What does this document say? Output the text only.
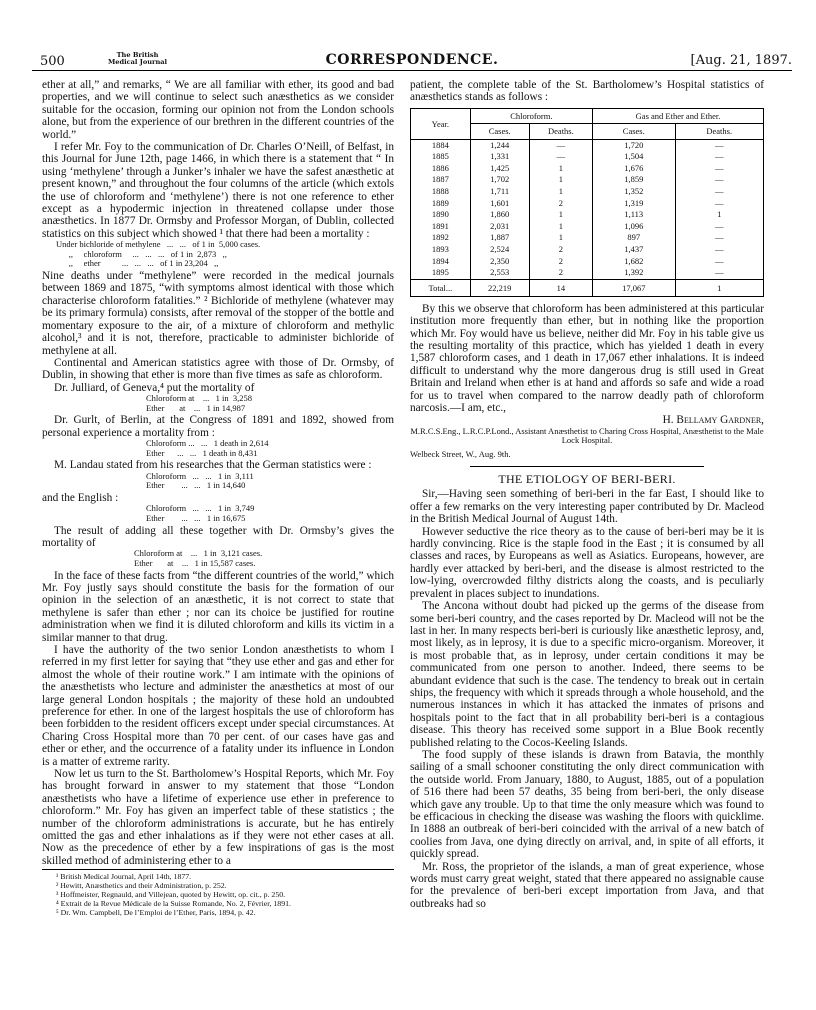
500	The British
Medical Journal	CORRESPONDENCE.	[Aug. 21, 1897.

ether at all,” and remarks, “ We are all familiar with ether, its good and bad properties, and we will continue to select such anæsthetics as we consider suitable for the occasion, forming our opinion not from the London schools alone, but from the experience of our brethren in the different countries of the world.”

I refer Mr. Foy to the communication of Dr. Charles O’Neill, of Belfast, in this Journal for June 12th, page 1466, in which there is a statement that “ In using ‘methylene’ through a Junker’s inhaler we have the safest anæsthetic at present known,” and throughout the four columns of the article (which extols the use of chloroform and ‘methylene’) there is not one reference to ether except as a hypodermic injection in threatened collapse under those anæsthetics. In 1877 Dr. Ormsby and Professor Morgan, of Dublin, collected statistics on this subject which showed ¹ that there had been a mortality :

Under bichloride of methylene   ...   ...   of 1 in  5,000 cases.
,,     chloroform     ...   ...   ...   of 1 in  2,873   ,,
,,     ether          ...   ...   ...   of 1 in 23,204   ,,

Nine deaths under “methylene” were recorded in the medical journals between 1869 and 1875, “with symptoms almost identical with those which characterise chloroform fatalities.” ² Bichloride of methylene (whatever may be its primary formula) consists, after removal of the stopper of the bottle and momentary exposure to the air, of a mixture of chloroform and methylic alcohol,³ and it is not, therefore, practicable to administer bichloride of methylene at all.

Continental and American statistics agree with those of Dr. Ormsby, of Dublin, in showing that ether is more than five times as safe as chloroform.

Dr. Julliard, of Geneva,⁴ put the mortality of

Chloroform at    ...   1 in  3,258
Ether       at    ...   1 in 14,987

Dr. Gurlt, of Berlin, at the Congress of 1891 and 1892, showed from personal experience a mortality from :

Chloroform ...   ...   1 death in 2,614
Ether      ...   ...   1 death in 8,431

M. Landau stated from his researches that the German statistics were :

Chloroform   ...   ...   1 in  3,111
Ether        ...   ...   1 in 14,640

and the English :

Chloroform   ...   ...   1 in  3,749
Ether        ...   ...   1 in 16,675

The result of adding all these together with Dr. Ormsby’s gives the mortality of

Chloroform at    ...   1 in  3,121 cases.
Ether       at    ...   1 in 15,587 cases.

In the face of these facts from “the different countries of the world,” which Mr. Foy justly says should constitute the basis for the formation of our opinion in the selection of an anæsthetic, it is not correct to state that methylene is safer than ether ; nor can its choice be justified for routine administration when we find it is diluted chloroform and kills its victim in a similar manner to that drug.

I have the authority of the two senior London anæsthetists to whom I referred in my first letter for saying that “they use ether and gas and ether for almost the whole of their routine work.” I am intimate with the opinions of the anæsthetists who lecture and administer the anæsthetics at most of our large general London hospitals ; the majority of these hold an undoubted preference for ether. In one of the largest hospitals the use of chloroform has been forbidden to the resident officers except under special circumstances. At Charing Cross Hospital more than 70 per cent. of our cases have gas and ether or ether, and the occurrence of a fatality under its influence in London is a matter of extreme rarity.

Now let us turn to the St. Bartholomew’s Hospital Reports, which Mr. Foy has brought forward in answer to my statement that those “London anæsthetists who have a lifetime of experience use ether in preference to chloroform.” Mr. Foy has given an imperfect table of these statistics ; the number of the chloroform administrations is accurate, but he has entirely omitted the gas and ether inhalations as if they were not ether cases at all. Now as the precedence of ether by a few inspirations of gas is the most skilled method of administering ether to a

¹ British Medical Journal, April 14th, 1877.
² Hewitt, Anæsthetics and their Administration, p. 252.
³ Hoffmeister, Regnauld, and Villejean, quoted by Hewitt, op. cit., p. 250.
⁴ Extrait de la Revue Médicale de la Suisse Romande, No. 2, Février, 1891.
⁵ Dr. Wm. Campbell, De l’Emploi de l’Ether, Paris, 1894, p. 42.

patient, the complete table of the St. Bartholomew’s Hospital statistics of anæsthetics stands as follows :

Year.	Chloroform.		Gas and Ether and Ether.	
	Cases.	Deaths.	Cases.	Deaths.
1884	1,244	—	1,720	—
1885	1,331	—	1,504	—
1886	1,425	1	1,676	—
1887	1,702	1	1,859	—
1888	1,711	1	1,352	—
1889	1,601	2	1,319	—
1890	1,860	1	1,113	1
1891	2,031	1	1,096	—
1892	1,887	1	897	—
1893	2,524	2	1,437	—
1894	2,350	2	1,682	—
1895	2,553	2	1,392	—
Total...	22,219	14	17,067	1

By this we observe that chloroform has been administered at this particular institution more frequently than ether, but in nothing like the proportion which Mr. Foy would have us believe, neither did Mr. Foy in his table give us the resulting mortality of this practice, which has yielded 1 death in every 1,587 chloroform cases, and 1 death in 17,067 ether inhalations. It is indeed difficult to understand why the more dangerous drug is still used in Great Britain and Ireland when ether is at hand and affords so safe and wide a road for us to travel when compared to the narrow deadly path of chloroform narcosis.—I am, etc.,

H. Bellamy Gardner,
M.R.C.S.Eng., L.R.C.P.Lond., Assistant Anæsthetist to Charing Cross Hospital, Anæsthetist to the Male Lock Hospital.
Welbeck Street, W., Aug. 9th.
THE ETIOLOGY OF BERI-BERI.

Sir,—Having seen something of beri-beri in the far East, I should like to offer a few remarks on the very interesting paper contributed by Dr. Macleod in the British Medical Journal of August 14th.

However seductive the rice theory as to the cause of beri-beri may be it is hardly convincing. Rice is the staple food in the East ; it is consumed by all classes and races, by Europeans as well as Asiatics. Europeans, however, are hardly ever attacked by beri-beri, and the disease is almost restricted to the low-lying, overcrowded filthy districts along the coasts, and is peculiarly prevalent in places subject to inundations.

The Ancona without doubt had picked up the germs of the disease from some beri-beri country, and the cases reported by Dr. Macleod will not be the last in her. In many respects beri-beri is curiously like anæsthetic leprosy, and, most likely, as in leprosy, it is due to a specific micro-organism. Moreover, it is most probable that, as in leprosy, under certain conditions it may be communicated from one person to another. Indeed, there seems to be abundant evidence that such is the case. The tendency to break out in certain ships, the frequency with which it spreads through a whole household, and the numerous instances in which it has attacked the inmates of prisons and hospitals point to the fact that in all probability beri-beri is a contagious disease. This theory has received some support in a Blue Book recently published relating to the Cocos-Keeling Islands.

The food supply of these islands is drawn from Batavia, the monthly sailing of a small schooner constituting the only direct communication with the outside world. From January, 1880, to August, 1885, out of a population of 516 there had been 57 deaths, 35 being from beri-beri, the only disease which gave any trouble. Up to that time the only measure which was found to be efficacious in checking the disease was washing the floors with quicklime. In 1888 an outbreak of beri-beri coincided with the arrival of a new batch of coolies from Java, one dying directly on arrival, and, in spite of all efforts, it quickly spread.

Mr. Ross, the proprietor of the islands, a man of great experience, whose words must carry great weight, stated that there appeared no assignable cause for the prevalence of beri-beri except importation from Java, and that outbreaks had so
